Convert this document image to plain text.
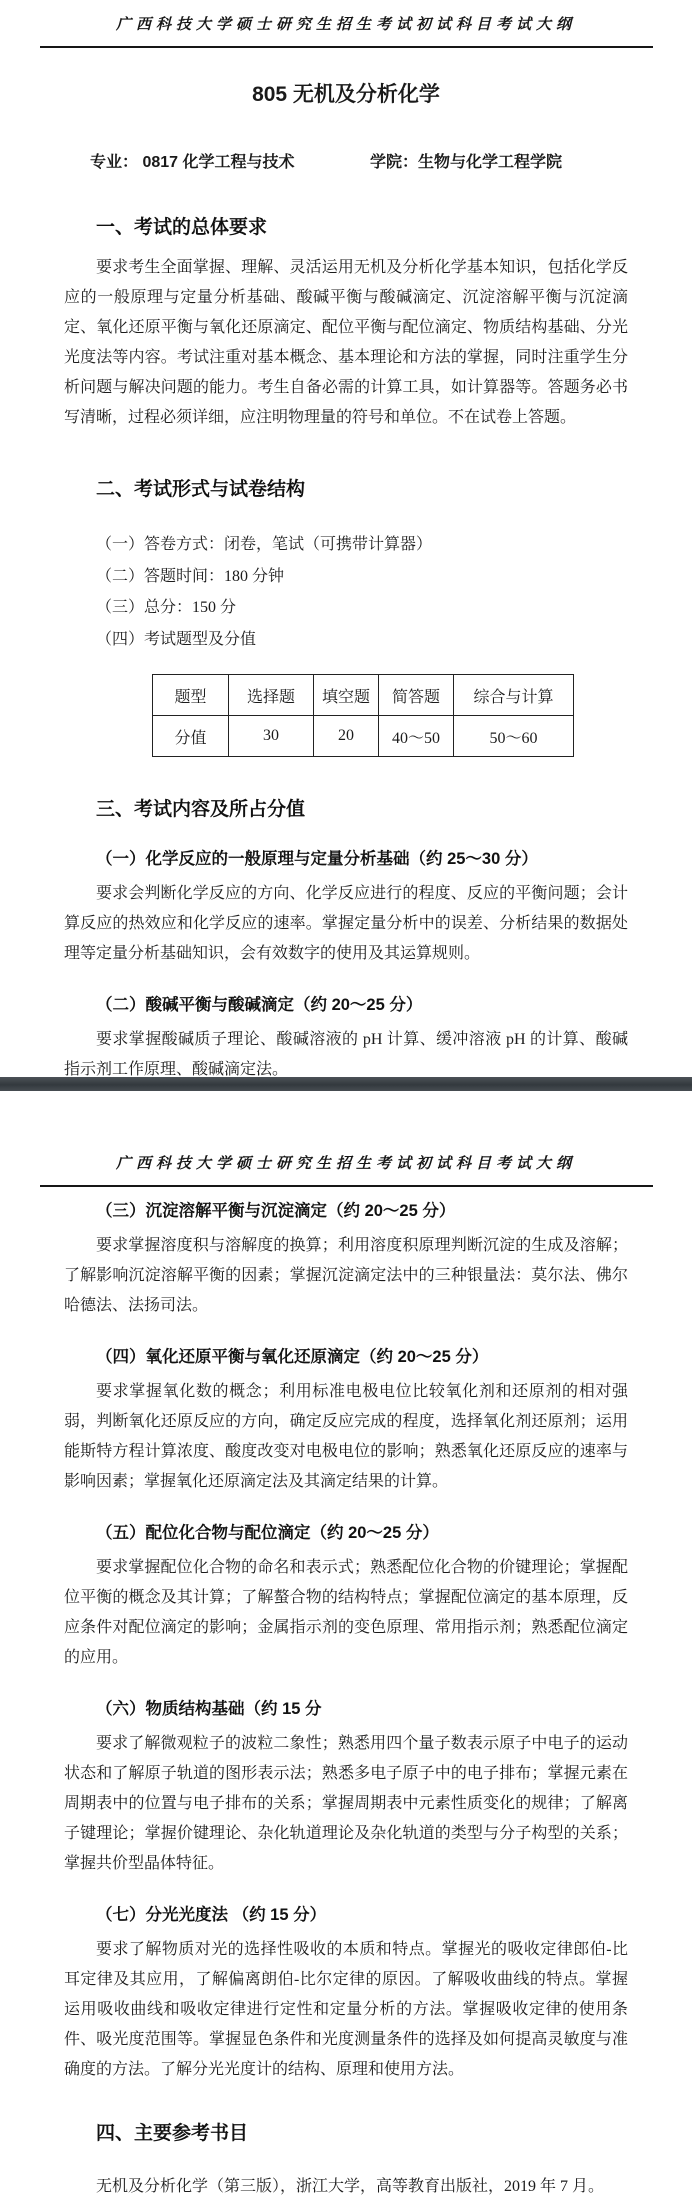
广西科技大学硕士研究生招生考试初试科目考试大纲
805 无机及分析化学
专业： 0817 化学工程与技术	学院：生物与化学工程学院
一、考试的总体要求

要求考生全面掌握、理解、灵活运用无机及分析化学基本知识，包括化学反应的一般原理与定量分析基础、酸碱平衡与酸碱滴定、沉淀溶解平衡与沉淀滴定、氧化还原平衡与氧化还原滴定、配位平衡与配位滴定、物质结构基础、分光光度法等内容。考试注重对基本概念、基本理论和方法的掌握，同时注重学生分析问题与解决问题的能力。考生自备必需的计算工具，如计算器等。答题务必书写清晰，过程必须详细，应注明物理量的符号和单位。不在试卷上答题。

二、考试形式与试卷结构

（一）答卷方式：闭卷，笔试（可携带计算器）

（二）答题时间：180 分钟

（三）总分：150 分

（四）考试题型及分值

题型	选择题	填空题	简答题	综合与计算
分值	30	20	40～50	50～60
三、考试内容及所占分值
（一）化学反应的一般原理与定量分析基础（约 25～30 分）

要求会判断化学反应的方向、化学反应进行的程度、反应的平衡问题；会计算反应的热效应和化学反应的速率。掌握定量分析中的误差、分析结果的数据处理等定量分析基础知识，会有效数字的使用及其运算规则。

（二）酸碱平衡与酸碱滴定（约 20～25 分）

要求掌握酸碱质子理论、酸碱溶液的 pH 计算、缓冲溶液 pH 的计算、酸碱指示剂工作原理、酸碱滴定法。

广西科技大学硕士研究生招生考试初试科目考试大纲
（三）沉淀溶解平衡与沉淀滴定（约 20～25 分）

要求掌握溶度积与溶解度的换算；利用溶度积原理判断沉淀的生成及溶解；了解影响沉淀溶解平衡的因素；掌握沉淀滴定法中的三种银量法：莫尔法、佛尔哈德法、法扬司法。

（四）氧化还原平衡与氧化还原滴定（约 20～25 分）

要求掌握氧化数的概念；利用标准电极电位比较氧化剂和还原剂的相对强弱，判断氧化还原反应的方向，确定反应完成的程度，选择氧化剂还原剂；运用能斯特方程计算浓度、酸度改变对电极电位的影响；熟悉氧化还原反应的速率与影响因素；掌握氧化还原滴定法及其滴定结果的计算。

（五）配位化合物与配位滴定（约 20～25 分）

要求掌握配位化合物的命名和表示式；熟悉配位化合物的价键理论；掌握配位平衡的概念及其计算；了解螯合物的结构特点；掌握配位滴定的基本原理，反应条件对配位滴定的影响；金属指示剂的变色原理、常用指示剂；熟悉配位滴定的应用。

（六）物质结构基础（约 15 分

要求了解微观粒子的波粒二象性；熟悉用四个量子数表示原子中电子的运动状态和了解原子轨道的图形表示法；熟悉多电子原子中的电子排布；掌握元素在周期表中的位置与电子排布的关系；掌握周期表中元素性质变化的规律；了解离子键理论；掌握价键理论、杂化轨道理论及杂化轨道的类型与分子构型的关系；掌握共价型晶体特征。

（七）分光光度法 （约 15 分）

要求了解物质对光的选择性吸收的本质和特点。掌握光的吸收定律郎伯-比耳定律及其应用，了解偏离朗伯-比尔定律的原因。了解吸收曲线的特点。掌握运用吸收曲线和吸收定律进行定性和定量分析的方法。掌握吸收定律的使用条件、吸光度范围等。掌握显色条件和光度测量条件的选择及如何提高灵敏度与准确度的方法。了解分光光度计的结构、原理和使用方法。

四、主要参考书目

无机及分析化学（第三版），浙江大学，高等教育出版社，2019 年 7 月。
